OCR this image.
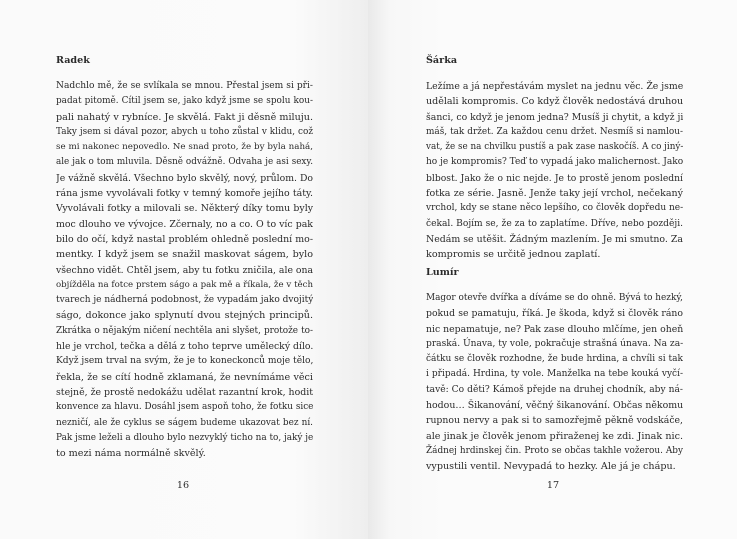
Radek
Nadchlo mě, že se svlíkala se mnou. Přestal jsem si při-
padat pitomě. Cítil jsem se, jako když jsme se spolu kou-
pali nahatý v rybníce. Je skvělá. Fakt ji děsně miluju.
Taky jsem si dával pozor, abych u toho zůstal v klidu, což
se mi nakonec nepovedlo. Ne snad proto, že by byla nahá,
ale jak o tom mluvila. Děsně odvážně. Odvaha je asi sexy.
Je vážně skvělá. Všechno bylo skvělý, nový, průlom. Do
rána jsme vyvolávali fotky v temný komoře jejího táty.
Vyvolávali fotky a milovali se. Některý díky tomu byly
moc dlouho ve vývojce. Zčernaly, no a co. O to víc pak
bilo do očí, když nastal problém ohledně poslední mo-
mentky. I když jsem se snažil maskovat ságem, bylo
všechno vidět. Chtěl jsem, aby tu fotku zničila, ale ona
objížděla na fotce prstem ságo a pak mě a říkala, že v těch
tvarech je nádherná podobnost, že vypadám jako dvojitý
ságo, dokonce jako splynutí dvou stejných principů.
Zkrátka o nějakým ničení nechtěla ani slyšet, protože to-
hle je vrchol, tečka a dělá z toho teprve umělecký dílo.
Když jsem trval na svým, že je to koneckonců moje tělo,
řekla, že se cítí hodně zklamaná, že nevnímáme věci
stejně, že prostě nedokážu udělat razantní krok, hodit
konvence za hlavu. Dosáhl jsem aspoň toho, že fotku sice
nezničí, ale že cyklus se ságem budeme ukazovat bez ní.
Pak jsme leželi a dlouho bylo nezvyklý ticho na to, jaký je
to mezi náma normálně skvělý.
16
Šárka
Ležíme a já nepřestávám myslet na jednu věc. Že jsme
udělali kompromis. Co když člověk nedostává druhou
šanci, co když je jenom jedna? Musíš ji chytit, a když ji
máš, tak držet. Za každou cenu držet. Nesmíš si namlou-
vat, že se na chvilku pustíš a pak zase naskočíš. A co jiný-
ho je kompromis? Teď to vypadá jako malichernost. Jako
blbost. Jako že o nic nejde. Je to prostě jenom poslední
fotka ze série. Jasně. Jenže taky její vrchol, nečekaný
vrchol, kdy se stane něco lepšího, co člověk dopředu ne-
čekal. Bojím se, že za to zaplatíme. Dříve, nebo později.
Nedám se utěšit. Žádným mazlením. Je mi smutno. Za
kompromis se určitě jednou zaplatí.
Lumír
Magor otevře dvířka a díváme se do ohně. Bývá to hezký,
pokud se pamatuju, říká. Je škoda, když si člověk ráno
nic nepamatuje, ne? Pak zase dlouho mlčíme, jen oheň
praská. Únava, ty vole, pokračuje strašná únava. Na za-
čátku se člověk rozhodne, že bude hrdina, a chvíli si tak
i připadá. Hrdina, ty vole. Manželka na tebe kouká vyčí-
tavě: Co děti? Kámoš přejde na druhej chodník, aby ná-
hodou… Šikanování, věčný šikanování. Občas někomu
rupnou nervy a pak si to samozřejmě pěkně vodskáče,
ale jinak je člověk jenom přiraženej ke zdi. Jinak nic.
Žádnej hrdinskej čin. Proto se občas takhle vožerou. Aby
vypustili ventil. Nevypadá to hezky. Ale já je chápu.
17
